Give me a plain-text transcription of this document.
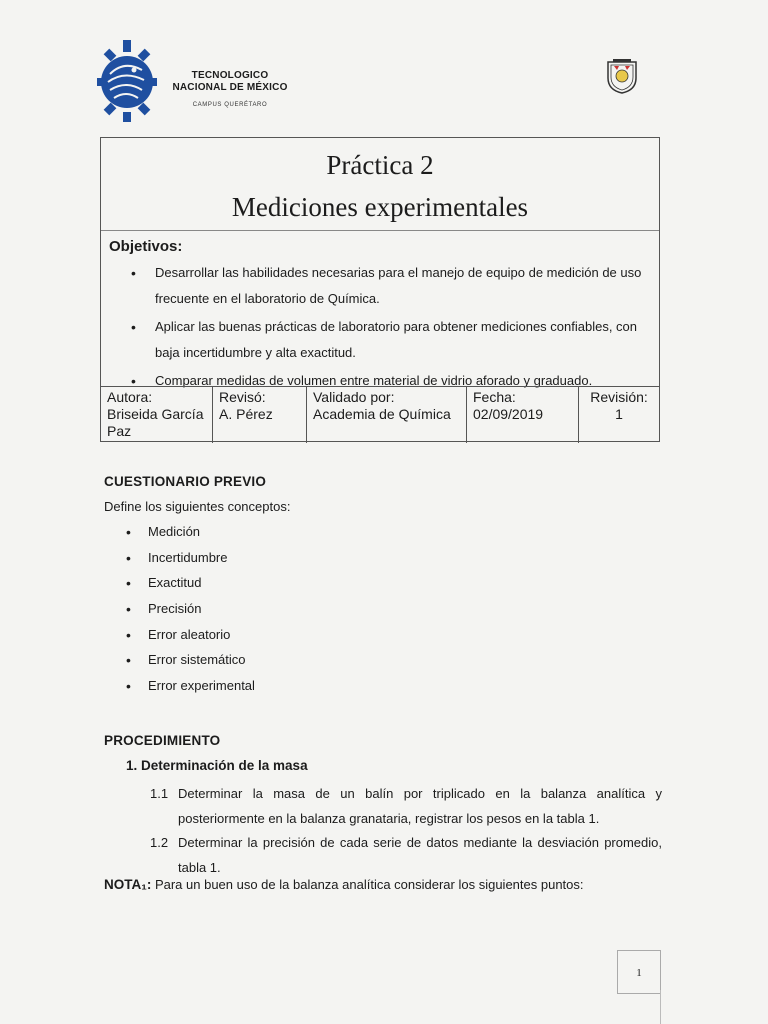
TECNOLOGICO
NACIONAL DE MÉXICO
CAMPUS QUERÉTARO
Práctica 2
Mediciones experimentales
Objetivos:
• Desarrollar las habilidades necesarias para el manejo de equipo de medición de uso frecuente en el laboratorio de Química.
• Aplicar las buenas prácticas de laboratorio para obtener mediciones confiables, con baja incertidumbre y alta exactitud.
• Comparar medidas de volumen entre material de vidrio aforado y graduado.
Autora:
Briseida García Paz
Revisó:
A. Pérez
Validado por:
Academia de Química
Fecha:
02/09/2019
Revisión:
1
CUESTIONARIO PREVIO
Define los siguientes conceptos:
• Medición
• Incertidumbre
• Exactitud
• Precisión
• Error aleatorio
• Error sistemático
• Error experimental
PROCEDIMIENTO
1. Determinación de la masa
1.1 Determinar la masa de un balín por triplicado en la balanza analítica y posteriormente en la balanza granataria, registrar los pesos en la tabla 1.
1.2 Determinar la precisión de cada serie de datos mediante la desviación promedio, tabla 1.
NOTA₁: Para un buen uso de la balanza analítica considerar los siguientes puntos:
1
